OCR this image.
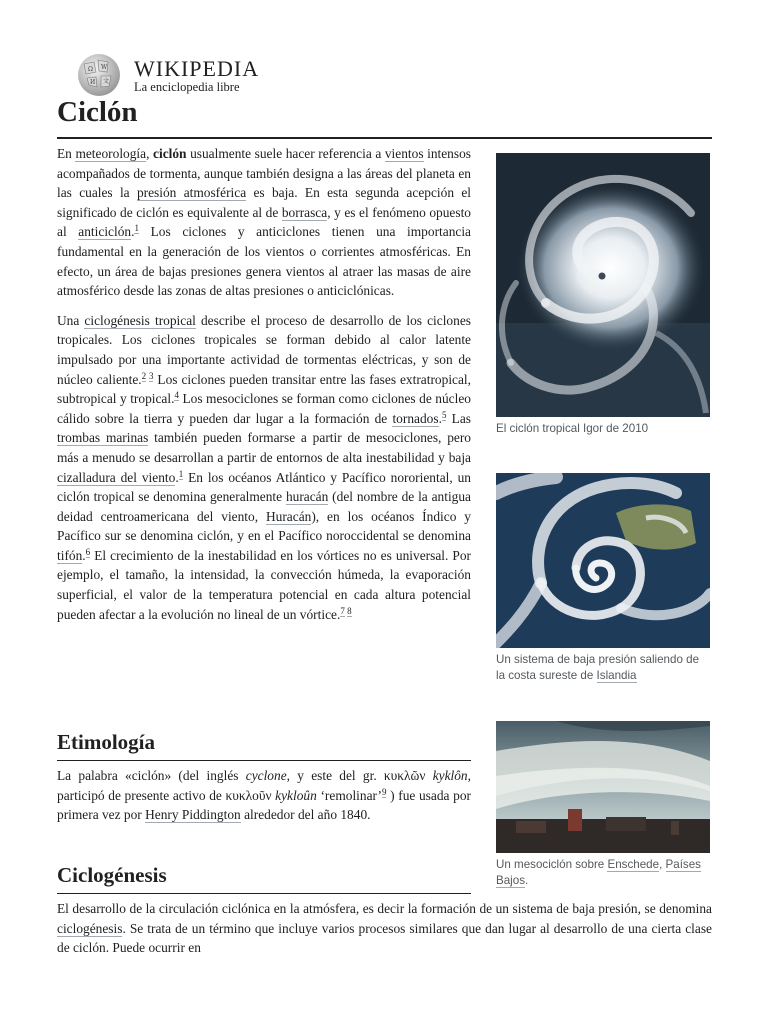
Ω W
И 文
WIKIPEDIA
La enciclopedia libre
Ciclón

En meteorología, ciclón usualmente suele hacer referencia a vientos intensos acompañados de tormenta, aunque también designa a las áreas del planeta en las cuales la presión atmosférica es baja. En esta segunda acepción el significado de ciclón es equivalente al de borrasca, y es el fenómeno opuesto al anticiclón.$^1$ Los ciclones y anticiclones tienen una importancia fundamental en la generación de los vientos o corrientes atmosféricas. En efecto, un área de bajas presiones genera vientos al atraer las masas de aire atmosférico desde las zonas de altas presiones o anticiclónicas.

Una ciclogénesis tropical describe el proceso de desarrollo de los ciclones tropicales. Los ciclones tropicales se forman debido al calor latente impulsado por una importante actividad de tormentas eléctricas, y son de núcleo caliente.$^{2 3}$ Los ciclones pueden transitar entre las fases extratropical, subtropical y tropical.$^4$ Los mesociclones se forman como ciclones de núcleo cálido sobre la tierra y pueden dar lugar a la formación de tornados.$^5$ Las trombas marinas también pueden formarse a partir de mesociclones, pero más a menudo se desarrollan a partir de entornos de alta inestabilidad y baja cizalladura del viento.$^1$ En los océanos Atlántico y Pacífico nororiental, un ciclón tropical se denomina generalmente huracán (del nombre de la antigua deidad centroamericana del viento, Huracán), en los océanos Índico y Pacífico sur se denomina ciclón, y en el Pacífico noroccidental se denomina tifón.$^6$ El crecimiento de la inestabilidad en los vórtices no es universal. Por ejemplo, el tamaño, la intensidad, la convección húmeda, la evaporación superficial, el valor de la temperatura potencial en cada altura potencial pueden afectar a la evolución no lineal de un vórtice.$^{7 8}$

Etimología

La palabra «ciclón» (del inglés cyclone, y este del gr. κυκλῶν kyklôn, participó de presente activo de κυκλοῦν kykloûn ‘remolinar’$^9$ ) fue usada por primera vez por Henry Piddington alrededor del año 1840.

Ciclogénesis

El desarrollo de la circulación ciclónica en la atmósfera, es decir la formación de un sistema de baja presión, se denomina ciclogénesis. Se trata de un término que incluye varios procesos similares que dan lugar al desarrollo de una cierta clase de ciclón. Puede ocurrir en

El ciclón tropical Igor de 2010
Un sistema de baja presión saliendo de la costa sureste de Islandia
Un mesociclón sobre Enschede, Países Bajos.
